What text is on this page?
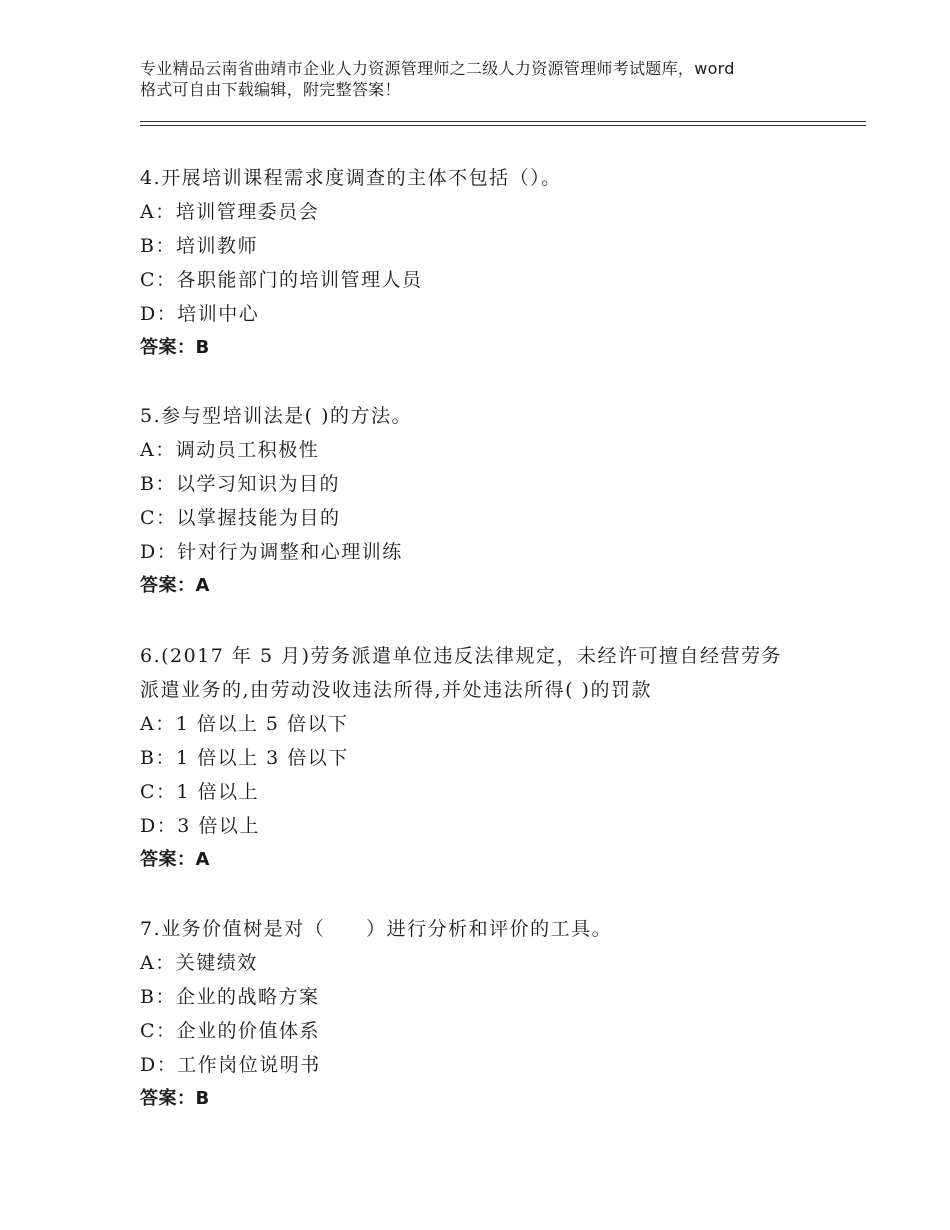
专业精品云南省曲靖市企业人力资源管理师之二级人力资源管理师考试题库，word
格式可自由下载编辑，附完整答案！
4.开展培训课程需求度调查的主体不包括（）。
A：培训管理委员会
B：培训教师
C：各职能部门的培训管理人员
D：培训中心
答案：B
5.参与型培训法是( )的方法。
A：调动员工积极性
B：以学习知识为目的
C：以掌握技能为目的
D：针对行为调整和心理训练
答案：A
6.(2017 年 5 月)劳务派遣单位违反法律规定，未经许可擅自经营劳务
派遣业务的,由劳动没收违法所得,并处违法所得( )的罚款
A：1 倍以上 5 倍以下
B：1 倍以上 3 倍以下
C：1 倍以上
D：3 倍以上
答案：A
7.业务价值树是对（　　）进行分析和评价的工具。
A：关键绩效
B：企业的战略方案
C：企业的价值体系
D：工作岗位说明书
答案：B
